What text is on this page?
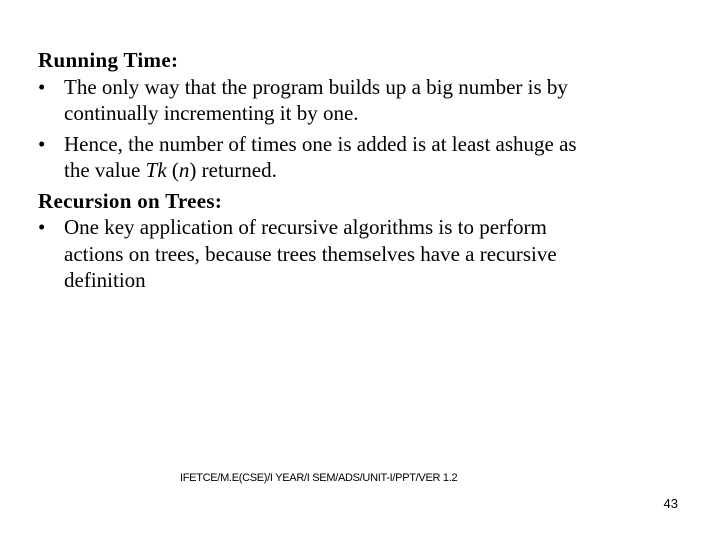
Running Time:

• The only way that the program builds up a big number is by
continually incrementing it by one.
• Hence, the number of times one is added is at least ashuge as
the value Tk (n) returned.

Recursion on Trees:

• One key application of recursive algorithms is to perform
actions on trees, because trees themselves have a recursive
definition
IFETCE/M.E(CSE)/I YEAR/I SEM/ADS/UNIT-I/PPT/VER 1.2
43
